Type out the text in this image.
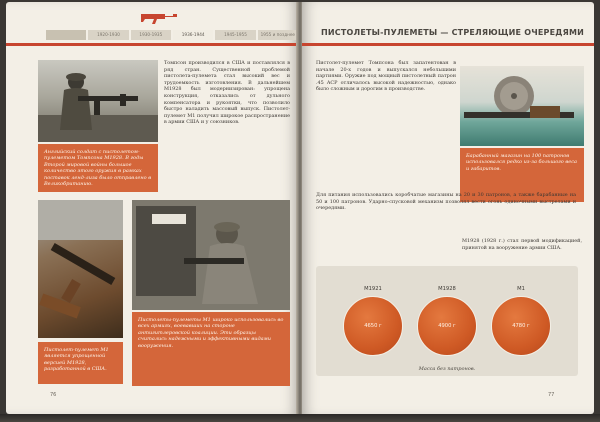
1920-1930	1930-1935	1936-1944	1945-1955	1955 и позднее
Английский солдат с пистолетом-пулеметом Томпсона М1928. В годы Второй мировой войны большое количество этого оружия в рамках поставок ленд-лиза было отправлено в Великобританию.
Томпсон производился в США и поставлялся в ряд стран. Существенной проблемой пистолета-пулемета стал высокий вес и трудоемкость изготовления. В дальнейшем М1928 был модернизирован: упрощена конструкция, отказались от дульного компенсатора и рукоятки, что позволило быстро наладить массовый выпуск. Пистолет-пулемет М1 получил широкое распространение в армии США и у союзников.
Пистолет-пулемет М1 является упрощенной версией М1928, разработанной в США.
Пистолеты-пулеметы М1 широко использовались во всех армиях, воевавших на стороне антигитлеровской коалиции. Эти образцы считались надежными и эффективными видами вооружения.
76
ПИСТОЛЕТЫ-ПУЛЕМЕТЫ — СТРЕЛЯЮЩИЕ ОЧЕРЕДЯМИ
Пистолет-пулемет Томпсона был запатентован в начале 20-х годов и выпускался небольшими партиями. Оружие под мощный пистолетный патрон .45 ACP отличалось высокой надежностью, однако было сложным и дорогим в производстве.
Барабанный магазин на 100 патронов использовался редко из-за большого веса и габаритов.
Для питания использовались коробчатые магазины на 20 и 30 патронов, а также барабанные на 50 и 100 патронов. Ударно-спусковой механизм позволял вести огонь одиночными выстрелами и очередями.
М1928 (1928 г.) стал первой модификацией, принятой на вооружение армии США.
M1921
4650 г
M1928
4900 г
M1
4780 г
Масса без патронов.
77
